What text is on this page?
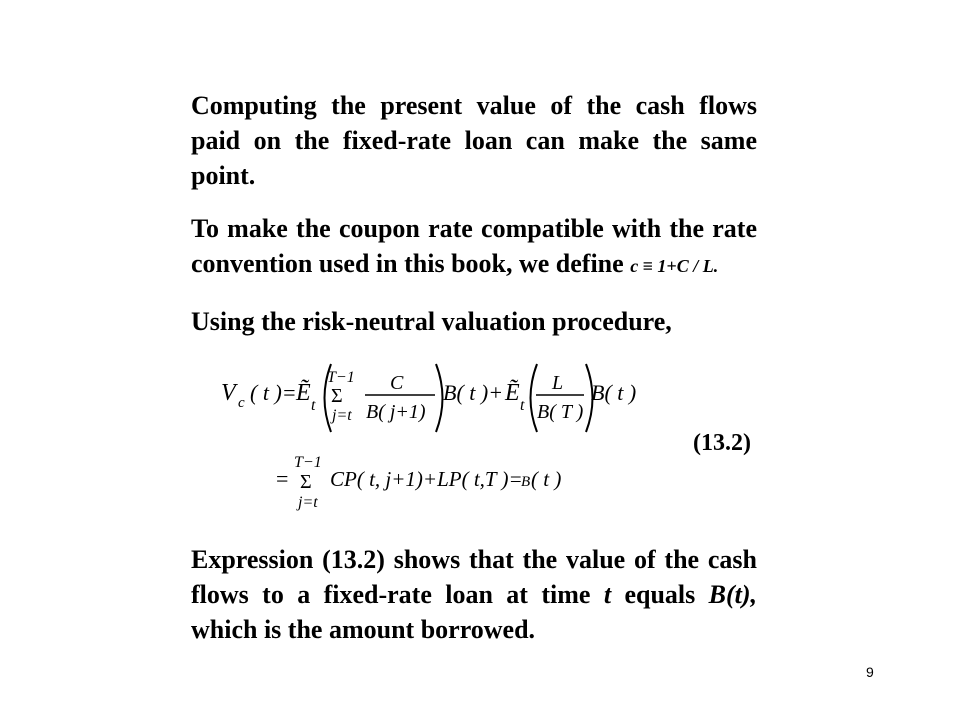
Computing the present value of the cash flows
paid on the fixed-rate loan can make the same
point.
To make the coupon rate compatible with the rate
convention used in this book, we define c ≡ 1+C / L.
Using the risk-neutral valuation procedure,
V c ( t )= Ẽ t
T−1
Σ
j=t
C
B( j+1)
B( t )+ Ẽ t
L
B( T )
B( t )
(13.2)
=
T−1
Σ
j=t
CP( t, j+1)+LP( t,T )=
B ( t )
Expression (13.2) shows that the value of the cash
flows to a fixed-rate loan at time t equals B(t),
which is the amount borrowed.
9
